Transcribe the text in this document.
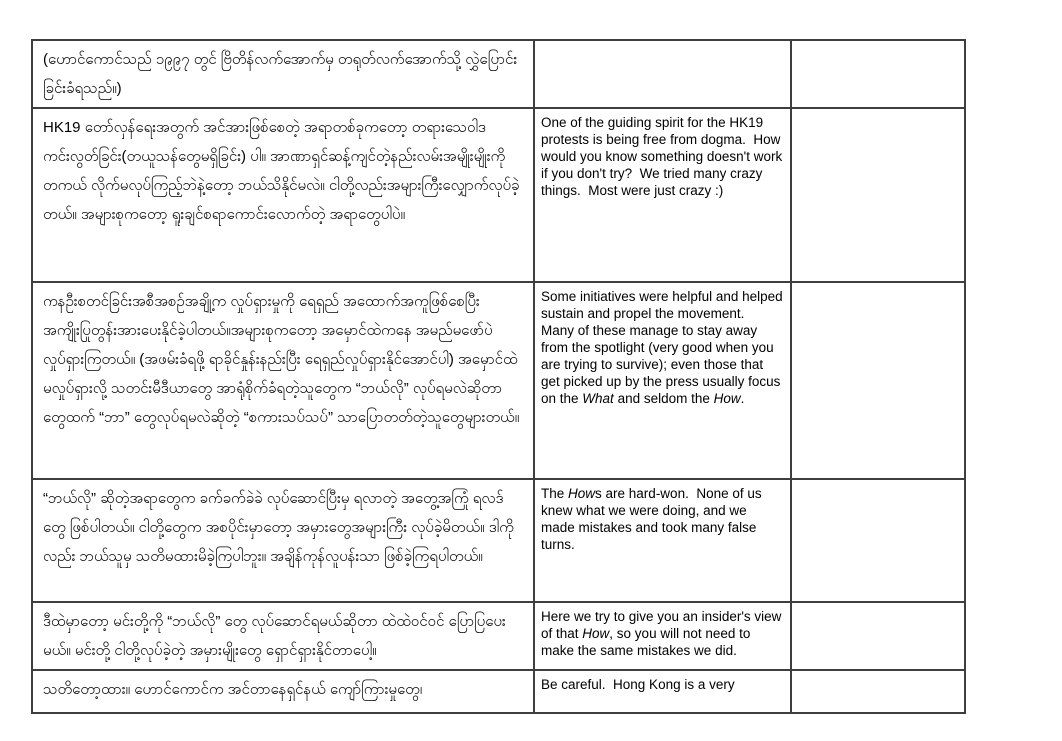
(ဟောင်ကောင်သည် ၁၉၉၇ တွင် ဗြိတိန်လက်အောက်မှ တရုတ်လက်အောက်သို့ လွှဲပြောင်းခြင်းခံရသည်။)		
HK19 တော်လှန်ရေးအတွက် အင်အားဖြစ်စေတဲ့ အရာတစ်ခုကတော့ တရားသေဝါဒကင်းလွတ်ခြင်း(တယူသန်တွေမရှိခြင်း) ပါ။ အာဏာရှင်ဆန့်ကျင်တဲ့နည်းလမ်းအမျိုးမျိုးကို တကယ် လိုက်မလုပ်ကြည့်ဘဲနဲ့တော့ ဘယ်သိနိုင်မလဲ။ ငါတို့လည်းအများကြီးလျှောက်လုပ်ခဲ့တယ်။ အများစုကတော့ ရူးချင်စရာကောင်းလောက်တဲ့ အရာတွေပါပဲ။	One of the guiding spirit for the HK19 protests is being free from dogma.  How would you know something doesn't work if you don't try?  We tried many crazy things.  Most were just crazy :)	
ကနဦးစတင်ခြင်းအစီအစဉ်အချို့က လှုပ်ရှားမှုကို ရေရှည် အထောက်အကူဖြစ်စေပြီး အကျိုးပြုတွန်းအားပေးနိုင်ခဲ့ပါတယ်။အများစုကတော့ အမှောင်ထဲကနေ အမည်မဖော်ပဲလှုပ်ရှားကြတယ်။ (အဖမ်းခံရဖို့ ရာခိုင်နှုန်းနည်းပြီး ရေရှည်လှုပ်ရှားနိုင်အောင်ပါ) အမှောင်ထဲမလှုပ်ရှားလို့ သတင်းမီဒီယာတွေ အာရုံစိုက်ခံရတဲ့သူတွေက “ဘယ်လို” လုပ်ရမလဲဆိုတာတွေထက် “ဘာ” တွေလုပ်ရမလဲဆိုတဲ့ “စကားသပ်သပ်” သာပြောတတ်တဲ့သူတွေများတယ်။	Some initiatives were helpful and helped sustain and propel the movement.  Many of these manage to stay away from the spotlight (very good when you are trying to survive); even those that get picked up by the press usually focus on the What and seldom the How.	
“ဘယ်လို” ဆိုတဲ့အရာတွေက ခက်ခက်ခဲခဲ လုပ်ဆောင်ပြီးမှ ရလာတဲ့ အတွေ့အကြုံ ရလဒ်တွေ ဖြစ်ပါတယ်။ ငါတို့တွေက အစပိုင်းမှာတော့ အမှားတွေအများကြီး လုပ်ခဲ့မိတယ်။ ဒါကိုလည်း ဘယ်သူမှ သတိမထားမိခဲ့ကြပါဘူး။ အချိန်ကုန်လူပန်းသာ ဖြစ်ခဲ့ကြရပါတယ်။	The Hows are hard-won.  None of us knew what we were doing, and we made mistakes and took many false turns.	
ဒီထဲမှာတော့ မင်းတို့ကို “ဘယ်လို” တွေ လုပ်ဆောင်ရမယ်ဆိုတာ ထဲထဲဝင်ဝင် ပြောပြပေးမယ်။ မင်းတို့ ငါတို့လုပ်ခဲ့တဲ့ အမှားမျိုးတွေ ရှောင်ရှားနိုင်တာပေါ့။	Here we try to give you an insider's view of that How, so you will not need to make the same mistakes we did.	
သတိတော့ထား။ ဟောင်ကောင်က အင်တာနေရှင်နယ် ကျော်ကြားမှုတွေ၊	Be careful.  Hong Kong is a very	
